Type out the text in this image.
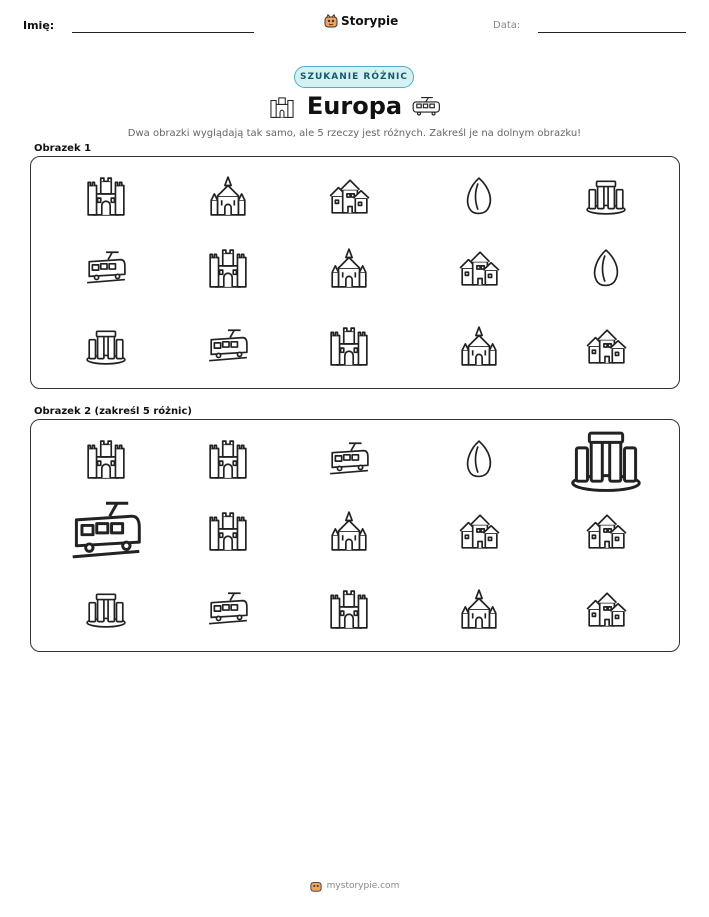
Imię:	Storypie	Data:
SZUKANIE RÓŻNIC
Europa
Dwa obrazki wyglądają tak samo, ale 5 rzeczy jest różnych. Zakreśl je na dolnym obrazku!
Obrazek 1
Obrazek 2 (zakreśl 5 różnic)
mystorypie.com
